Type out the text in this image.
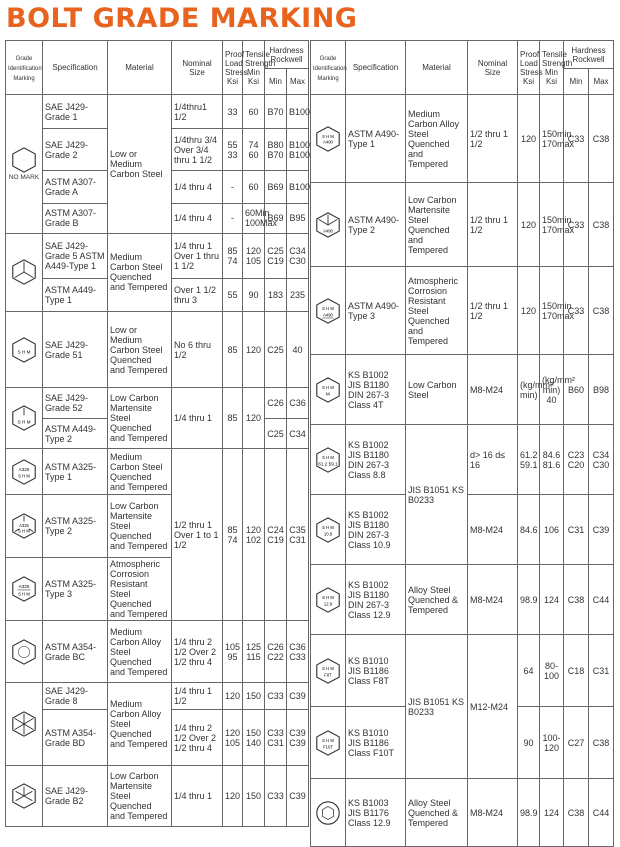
BOLT GRADE MARKING
Grade Identification Marking	Specification	Material	Nominal Size	Proof Load Stress Ksi	Tensile Strength Min Ksi	Hardness Rockwell	
						Min	Max

NO MARK	SAE J429-Grade 1	Low or Medium Carbon Steel	1/4thru1 1/2	33	60	B70	B100
	SAE J429-Grade 2		1/4thru 3/4 Over 3/4 thru 1 1/2	55 33	74 60	B80 B70	B100 B100
	ASTM A307-Grade A		1/4 thru 4	-	60	B69	B100
	ASTM A307-Grade B		1/4 thru 4	-	60Min 100Max	B69	B95

	SAE J429-Grade 5 ASTM A449-Type 1	Medium Carbon Steel Quenched and Tempered	1/4 thru 1 Over 1 thru 1 1/2	85 74	120 105	C25 C19	C34 C30
	ASTM A449-Type 1		Over 1 1/2 thru 3	55	90	183	235

S H M	SAE J429-Grade 51	Low or Medium Carbon Steel Quenched and Tempered	No 6 thru 1/2	85	120	C25	40

S H M	SAE J429-Grade 52	Low Carbon Martensite Steel Quenched and Tempered	1/4 thru 1	85	120	C26	C36
	ASTM A449-Type 2					C25	C34

A325
S H M	ASTM A325-Type 1	Medium Carbon Steel Quenched and Tempered	1/2 thru 1 Over 1 to 1 1/2	85 74	120 102	C24 C19	C35 C31

A325
S H M	ASTM A325-Type 2	Low Carbon Martensite Steel Quenched and Tempered					

A325
S H M	ASTM A325-Type 3	Atmospheric Corrosion Resistant Steel Quenched and Tempered					

	ASTM A354-Grade BC	Medium Carbon Alloy Steel Quenched and Tempered	1/4 thru 2 1/2 Over 2 1/2 thru 4	105 95	125 115	C26 C22	C36 C33

	SAE J429-Grade 8	Medium Carbon Alloy Steel Quenched and Tempered	1/4 thru 1 1/2	120	150	C33	C39
	ASTM A354-Grade BD		1/4 thru 2 1/2 Over 2 1/2 thru 4	120 105	150 140	C33 C31	C39 C39

	SAE J429-Grade B2	Low Carbon Martensite Steel Quenched and Tempered	1/4 thru 1	120	150	C33	C39
Grade Identification Marking	Specification	Material	Nominal Size	Proof Load Stress Ksi	Tensile Strength Min Ksi	Hardness Rockwell	
						Min	Max

S H M
A490	ASTM A490-Type 1	Medium Carbon Alloy Steel Quenched and Tempered	1/2 thru 1 1/2	120	150min 170max	C33	C38

A490	ASTM A490-Type 2	Low Carbon Martensite Steel Quenched and Tempered	1/2 thru 1 1/2	120	150min 170max	C33	C38

S H M
A490	ASTM A490-Type 3	Atmospheric Corrosion Resistant Steel Quenched and Tempered	1/2 thru 1 1/2	120	150min 170max	C33	C38

S H M
M	KS B1002 JIS B1180 DIN 267-3 Class 4T	Low Carbon Steel	M8-M24	(kg/mm² min)	(kg/mm² min) 40	B60	B98

S H M
61.2 59.1	KS B1002 JIS B1180 DIN 267-3 Class 8.8	JIS B1051 KS B0233	d> 16 d≤ 16	61.2 59.1	84.6 81.6	C23 C20	C34 C30

S H M
10.9	KS B1002 JIS B1180 DIN 267-3 Class 10.9		M8-M24	84.6	106	C31	C39

S H M
12.9	KS B1002 JIS B1180 DIN 267-3 Class 12.9	Alloy Steel Quenched & Tempered	M8-M24	98.9	124	C38	C44

S H M
F8T	KS B1010 JIS B1186 Class F8T	JIS B1051 KS B0233	M12-M24	64	80-100	C18	C31

S H M
F10T	KS B1010 JIS B1186 Class F10T			90	100-120	C27	C38

	KS B1003 JIS B1176 Class 12.9	Alloy Steel Quenched & Tempered	M8-M24	98.9	124	C38	C44
